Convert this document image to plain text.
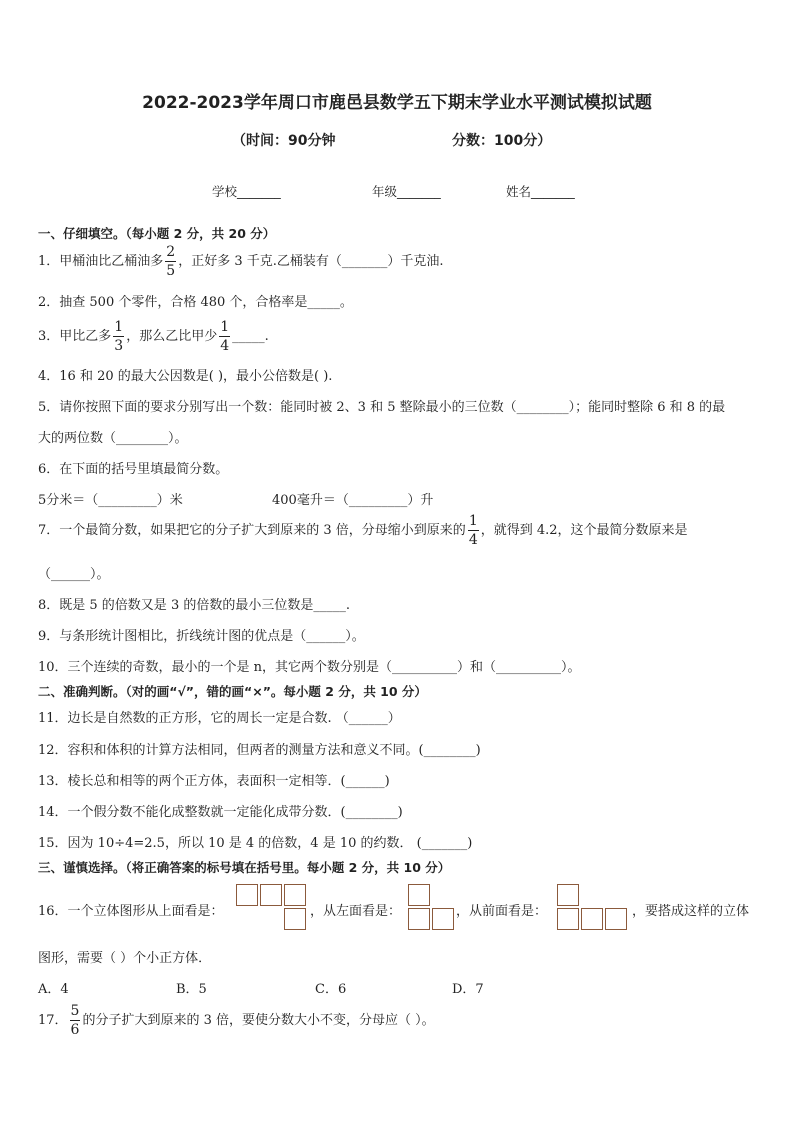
2022-2023学年周口市鹿邑县数学五下期末学业水平测试模拟试题
（时间：90分钟	分数：100分）
学校_______	年级_______	姓名_______
一、仔细填空。（每小题 2 分，共 20 分）
1．甲桶油比乙桶油多 $\frac{2}{5}$ ，正好多 3 千克.乙桶装有（_______）千克油.
2．抽查 500 个零件，合格 480 个，合格率是_____。
3．甲比乙多 $\frac{1}{3}$ ，那么乙比甲少 $\frac{1}{4}$ _____.
4．16 和 20 的最大公因数是( )，最小公倍数是( ).
5．请你按照下面的要求分别写出一个数：能同时被 2、3 和 5 整除最小的三位数（________）；能同时整除 6 和 8 的最
大的两位数（________）。
6．在下面的括号里填最简分数。
5分米＝（_________）米	400毫升＝（_________）升
7．一个最简分数，如果把它的分子扩大到原来的 3 倍，分母缩小到原来的 $\frac{1}{4}$ ，就得到 4.2，这个最简分数原来是
（______）。
8．既是 5 的倍数又是 3 的倍数的最小三位数是_____.
9．与条形统计图相比，折线统计图的优点是（______）。
10．三个连续的奇数，最小的一个是 n，其它两个数分别是（__________）和（__________）。
二、准确判断。（对的画“√”，错的画“×”。每小题 2 分，共 10 分）
11．边长是自然数的正方形，它的周长一定是合数. （______）
12．容积和体积的计算方法相同，但两者的测量方法和意义不同。(________)
13．棱长总和相等的两个正方体，表面积一定相等．(______)
14．一个假分数不能化成整数就一定能化成带分数．(________)
15．因为 10÷4=2.5，所以 10 是 4 的倍数，4 是 10 的约数． (_______)
三、谨慎选择。（将正确答案的标号填在括号里。每小题 2 分，共 10 分）
16．一个立体图形从上面看是：	，从左面看是：	，从前面看是：	，要搭成这样的立体
图形，需要（ ）个小正方体．
A．4	B．5	C．6	D．7
17． $\frac{5}{6}$ 的分子扩大到原来的 3 倍，要使分数大小不变，分母应（ ）。
